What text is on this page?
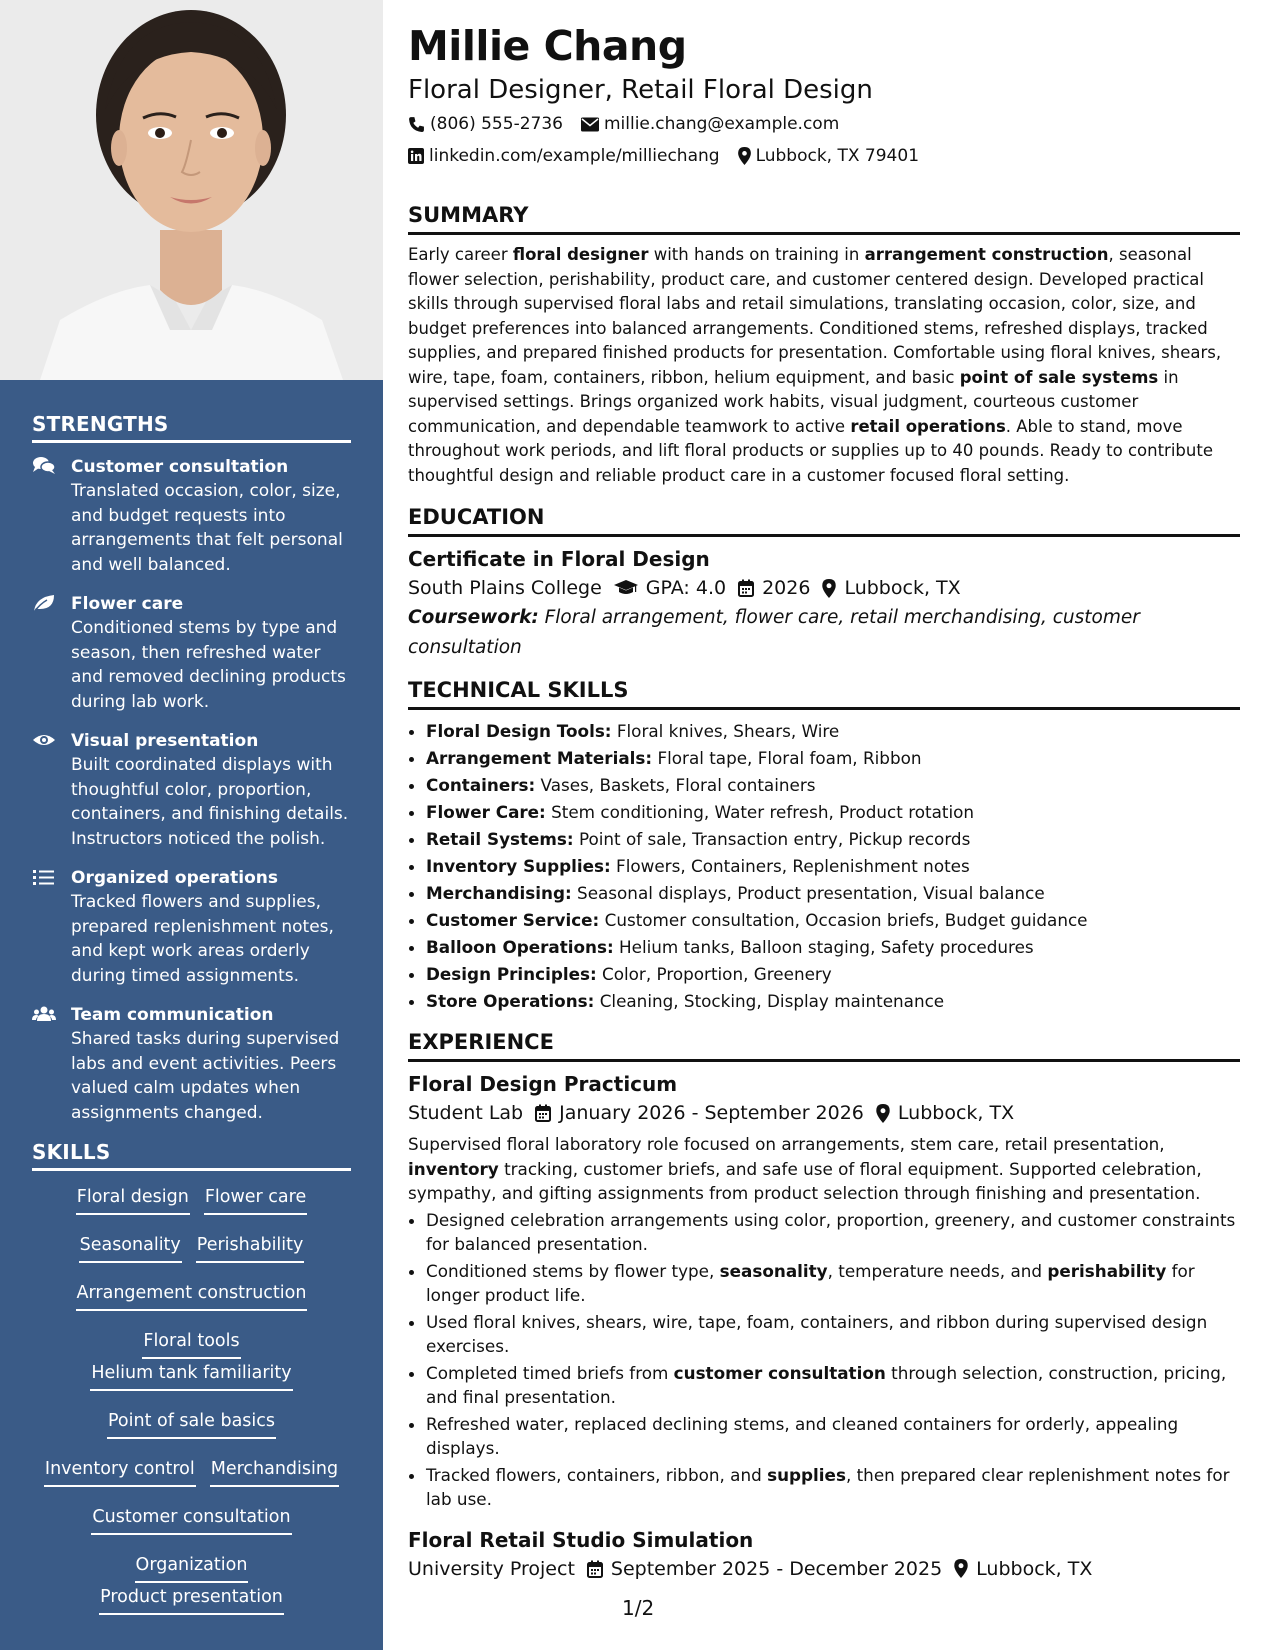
STRENGTHS
Customer consultation
Translated occasion, color, size, and budget requests into arrangements that felt personal and well balanced.
Flower care
Conditioned stems by type and season, then refreshed water and removed declining products during lab work.
Visual presentation
Built coordinated displays with thoughtful color, proportion, containers, and finishing details. Instructors noticed the polish.
Organized operations
Tracked flowers and supplies, prepared replenishment notes, and kept work areas orderly during timed assignments.
Team communication
Shared tasks during supervised labs and event activities. Peers valued calm updates when assignments changed.
SKILLS
Floral design Flower care
Seasonality Perishability
Arrangement construction
Floral toolsHelium tank familiarity
Point of sale basics
Inventory control Merchandising
Customer consultation
OrganizationProduct presentation
Millie Chang
Floral Designer, Retail Floral Design
(806) 555-2736 millie.chang@example.com
linkedin.com/example/milliechang Lubbock, TX 79401
SUMMARY
Early career floral designer with hands on training in arrangement construction, seasonal flower selection, perishability, product care, and customer centered design. Developed practical skills through supervised floral labs and retail simulations, translating occasion, color, size, and budget preferences into balanced arrangements. Conditioned stems, refreshed displays, tracked supplies, and prepared finished products for presentation. Comfortable using floral knives, shears, wire, tape, foam, containers, ribbon, helium equipment, and basic point of sale systems in supervised settings. Brings organized work habits, visual judgment, courteous customer communication, and dependable teamwork to active retail operations. Able to stand, move throughout work periods, and lift floral products or supplies up to 40 pounds. Ready to contribute thoughtful design and reliable product care in a customer focused floral setting.
EDUCATION
Certificate in Floral Design
South Plains College GPA: 4.0 2026 Lubbock, TX
Coursework: Floral arrangement, flower care, retail merchandising, customer consultation
TECHNICAL SKILLS
• Floral Design Tools: Floral knives, Shears, Wire
• Arrangement Materials: Floral tape, Floral foam, Ribbon
• Containers: Vases, Baskets, Floral containers
• Flower Care: Stem conditioning, Water refresh, Product rotation
• Retail Systems: Point of sale, Transaction entry, Pickup records
• Inventory Supplies: Flowers, Containers, Replenishment notes
• Merchandising: Seasonal displays, Product presentation, Visual balance
• Customer Service: Customer consultation, Occasion briefs, Budget guidance
• Balloon Operations: Helium tanks, Balloon staging, Safety procedures
• Design Principles: Color, Proportion, Greenery
• Store Operations: Cleaning, Stocking, Display maintenance
EXPERIENCE
Floral Design Practicum
Student Lab January 2026 - September 2026 Lubbock, TX
Supervised floral laboratory role focused on arrangements, stem care, retail presentation, inventory tracking, customer briefs, and safe use of floral equipment. Supported celebration, sympathy, and gifting assignments from product selection through finishing and presentation.
• Designed celebration arrangements using color, proportion, greenery, and customer constraints for balanced presentation.
• Conditioned stems by flower type, seasonality, temperature needs, and perishability for longer product life.
• Used floral knives, shears, wire, tape, foam, containers, and ribbon during supervised design exercises.
• Completed timed briefs from customer consultation through selection, construction, pricing, and final presentation.
• Refreshed water, replaced declining stems, and cleaned containers for orderly, appealing displays.
• Tracked flowers, containers, ribbon, and supplies, then prepared clear replenishment notes for lab use.
Floral Retail Studio Simulation
University Project September 2025 - December 2025 Lubbock, TX
1/2
